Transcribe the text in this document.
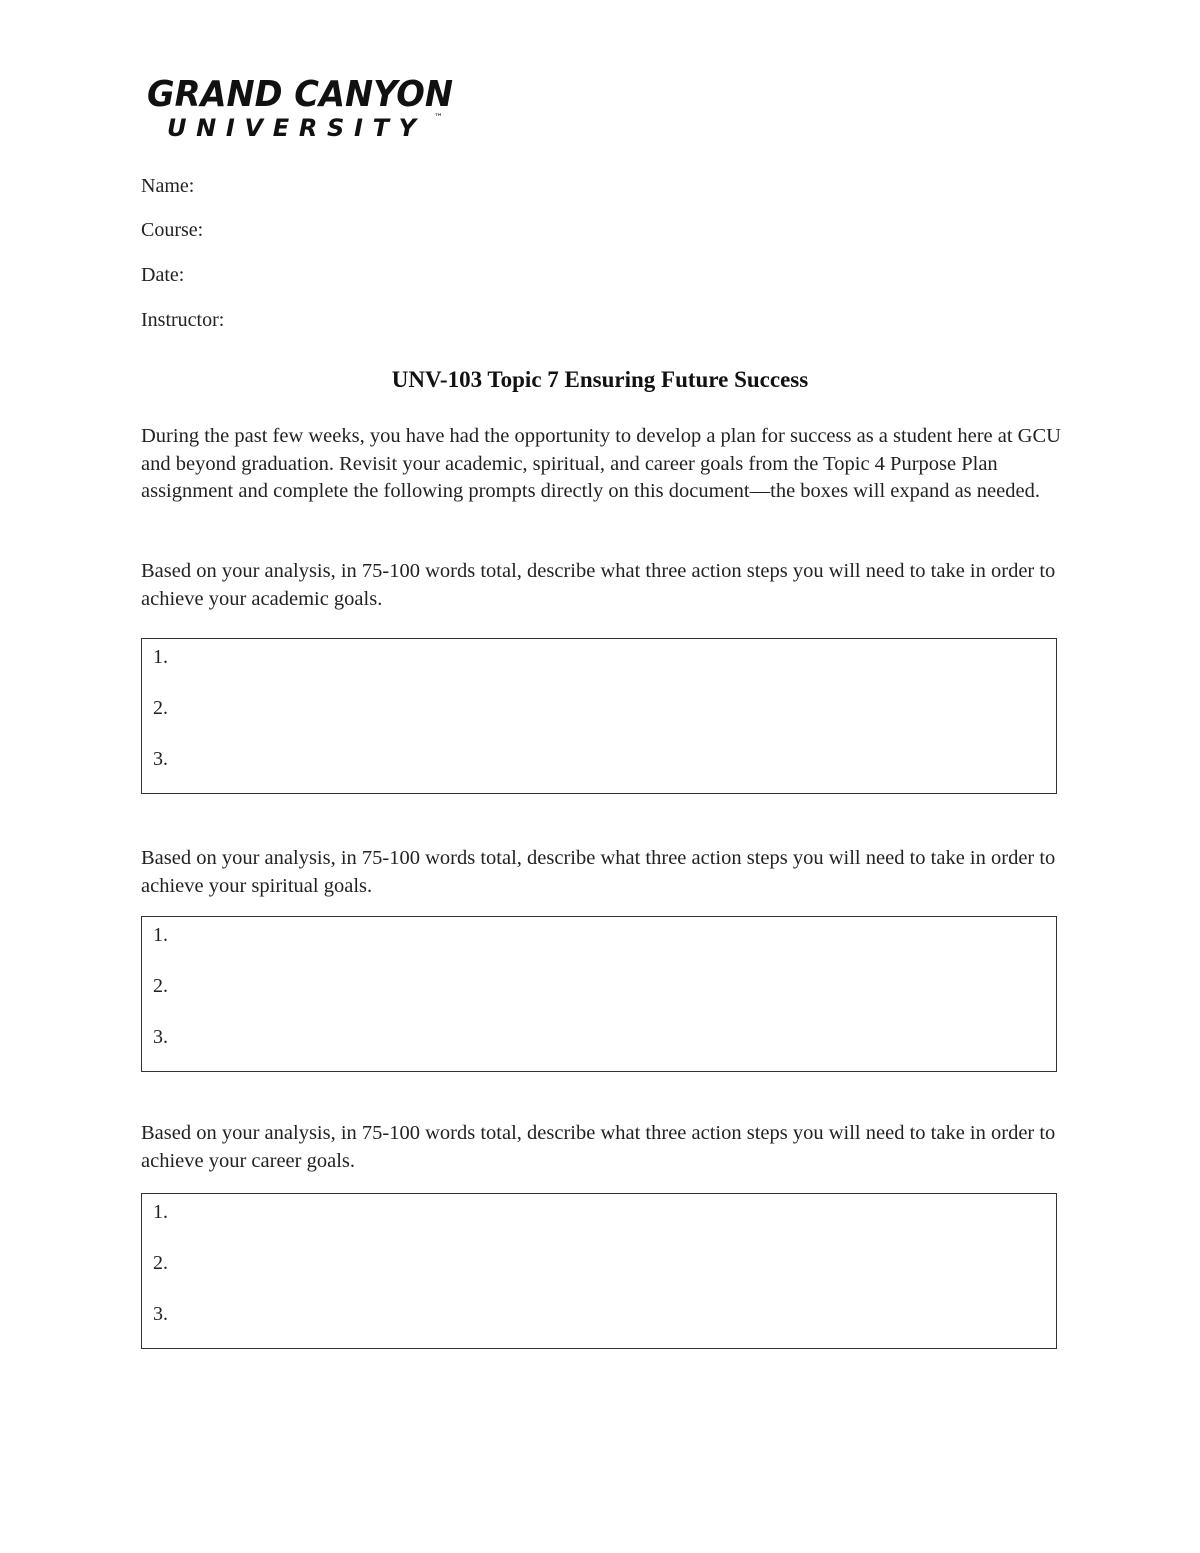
GRAND CANYON
UNIVERSITY ™
Name:
Course:
Date:
Instructor:
UNV-103 Topic 7 Ensuring Future Success

During the past few weeks, you have had the opportunity to develop a plan for success as a student here at GCU and beyond graduation. Revisit your academic, spiritual, and career goals from the Topic 4 Purpose Plan assignment and complete the following prompts directly on this document—the boxes will expand as needed.

Based on your analysis, in 75-100 words total, describe what three action steps you will need to take in order to achieve your academic goals.

1.
2.
3.

Based on your analysis, in 75-100 words total, describe what three action steps you will need to take in order to achieve your spiritual goals.

1.
2.
3.

Based on your analysis, in 75-100 words total, describe what three action steps you will need to take in order to achieve your career goals.

1.
2.
3.
